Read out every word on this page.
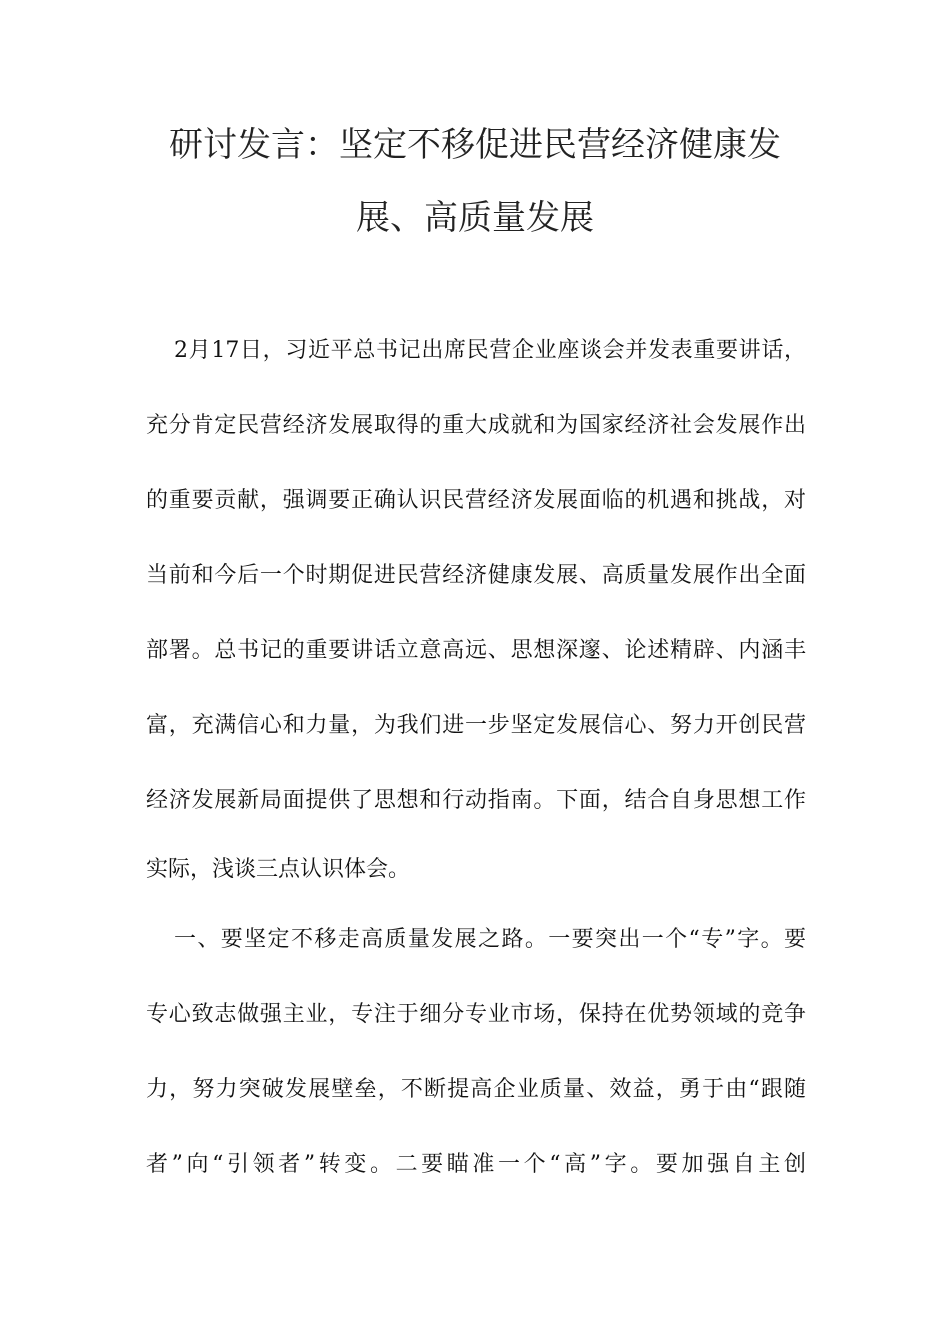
研讨发言：坚定不移促进民营经济健康发
展、高质量发展
2月17日，习近平总书记出席民营企业座谈会并发表重要讲话，
充分肯定民营经济发展取得的重大成就和为国家经济社会发展作出
的重要贡献，强调要正确认识民营经济发展面临的机遇和挑战，对
当前和今后一个时期促进民营经济健康发展、高质量发展作出全面
部署。总书记的重要讲话立意高远、思想深邃、论述精辟、内涵丰
富，充满信心和力量，为我们进一步坚定发展信心、努力开创民营
经济发展新局面提供了思想和行动指南。下面，结合自身思想工作
实际，浅谈三点认识体会。
一、要坚定不移走高质量发展之路。一要突出一个“专”字。要
专心致志做强主业，专注于细分专业市场，保持在优势领域的竞争
力，努力突破发展壁垒，不断提高企业质量、效益，勇于由“跟随
者”向“引领者”转变。二要瞄准一个“高”字。要加强自主创
